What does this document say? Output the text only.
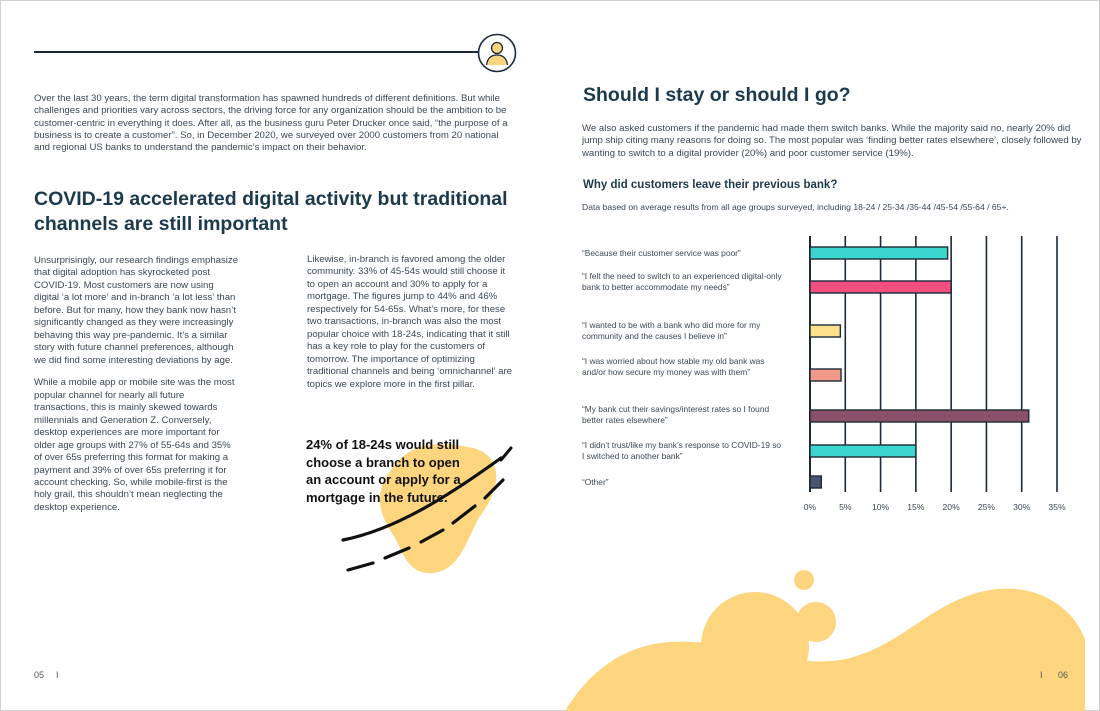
Over the last 30 years, the term digital transformation has spawned hundreds of different definitions. But while challenges and priorities vary across sectors, the driving force for any organization should be the ambition to be customer-centric in everything it does. After all, as the business guru Peter Drucker once said, “the purpose of a business is to create a customer”. So, in December 2020, we surveyed over 2000 customers from 20 national and regional US banks to understand the pandemic’s impact on their behavior.

COVID-19 accelerated digital activity but traditional channels are still important

Unsurprisingly, our research findings emphasize that digital adoption has skyrocketed post COVID-19. Most customers are now using digital ‘a lot more’ and in-branch ‘a lot less’ than before. But for many, how they bank now hasn’t significantly changed as they were increasingly behaving this way pre-pandemic. It’s a similar story with future channel preferences, although we did find some interesting deviations by age.

While a mobile app or mobile site was the most popular channel for nearly all future transactions, this is mainly skewed towards millennials and Generation Z. Conversely, desktop experiences are more important for older age groups with 27% of 55-64s and 35% of over 65s preferring this format for making a payment and 39% of over 65s preferring it for account checking. So, while mobile-first is the holy grail, this shouldn’t mean neglecting the desktop experience.

Likewise, in-branch is favored among the older community. 33% of 45-54s would still choose it to open an account and 30% to apply for a mortgage. The figures jump to 44% and 46% respectively for 54-65s. What’s more, for these two transactions, in-branch was also the most popular choice with 18-24s, indicating that it still has a key role to play for the customers of tomorrow. The importance of optimizing traditional channels and being ‘omnichannel’ are topics we explore more in the first pillar.

24% of 18-24s would still choose a branch to open an account or apply for a mortgage in the future.

05 I
Should I stay or should I go?

We also asked customers if the pandemic had made them switch banks. While the majority said no, nearly 20% did jump ship citing many reasons for doing so. The most popular was ‘finding better rates elsewhere’, closely followed by wanting to switch to a digital provider (20%) and poor customer service (19%).

Why did customers leave their previous bank?

Data based on average results from all age groups surveyed, including 18-24 / 25-34 /35-44 /45-54 /55-64 / 65+.

“Because their customer service was poor”
“I felt the need to switch to an experienced digital-only bank to better accommodate my needs”
“I wanted to be with a bank who did more for my community and the causes I believe in”
“I was worried about how stable my old bank was and/or how secure my money was with them”
“My bank cut their savings/interest rates so I found better rates elsewhere”
“I didn’t trust/like my bank’s response to COVID-19 so I switched to another bank”
“Other”
0%	5% 10% 15% 20% 25% 30% 35%
I 06
